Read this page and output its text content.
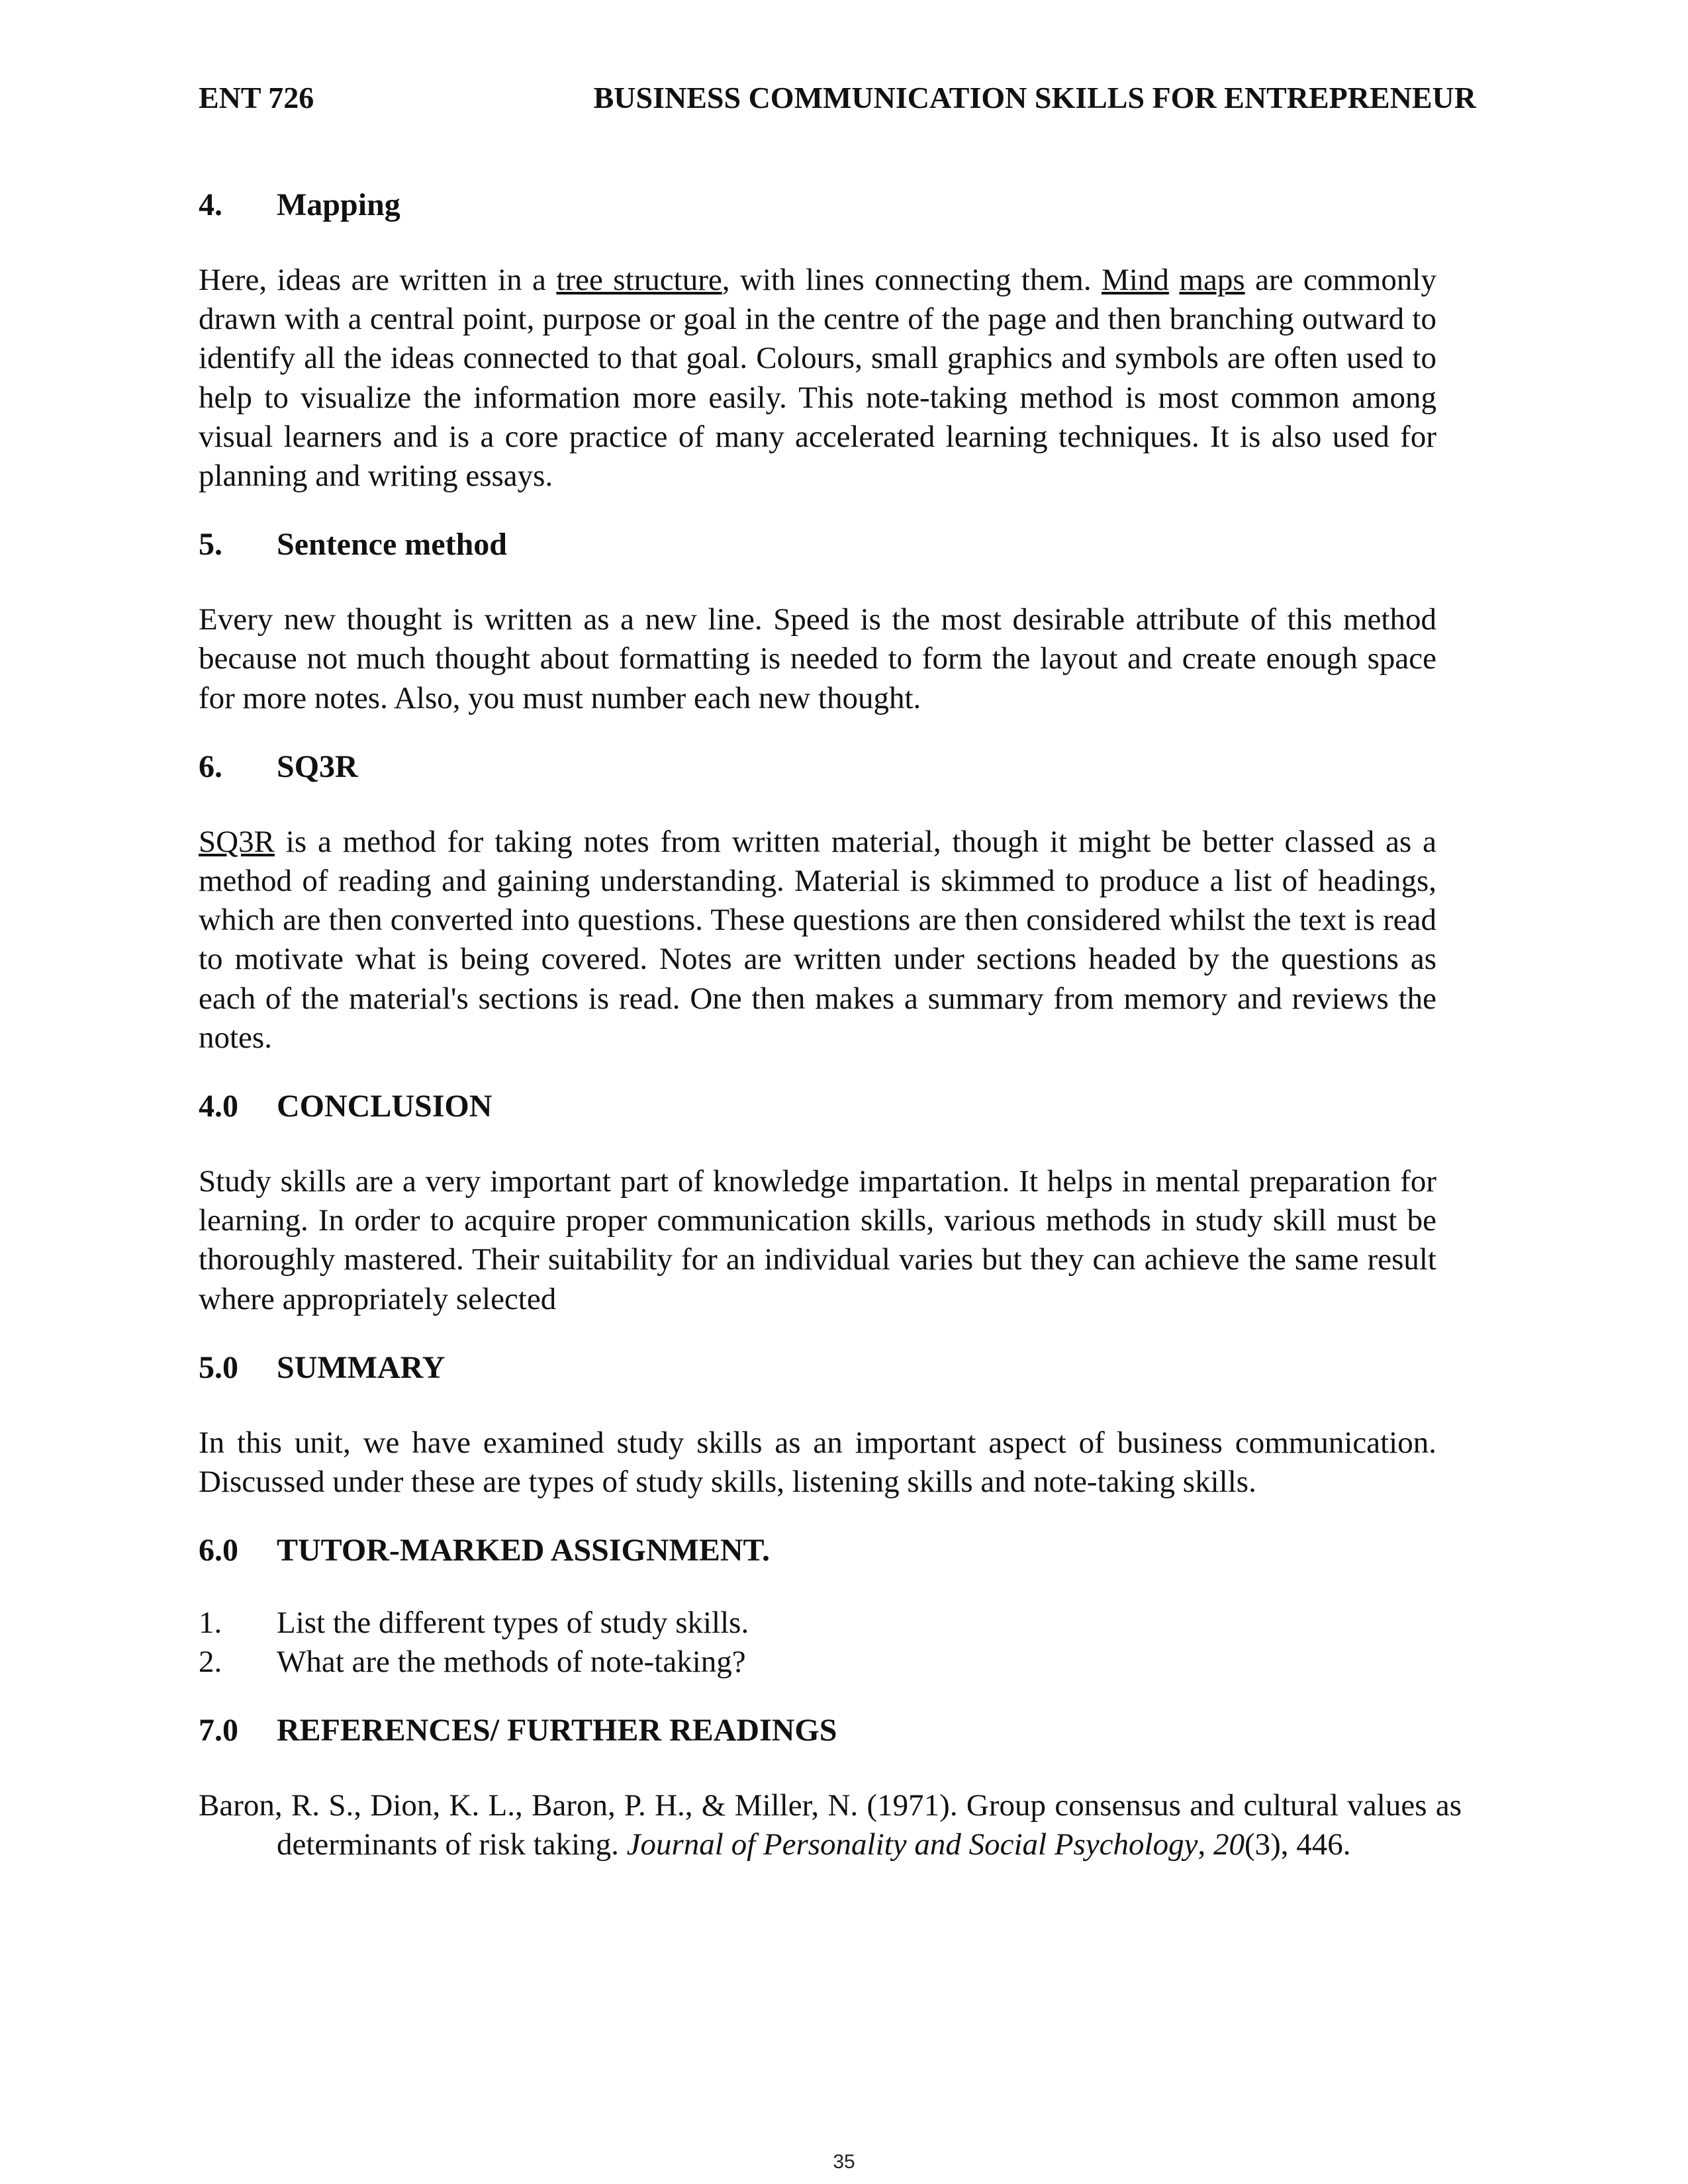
ENT 726	BUSINESS COMMUNICATION SKILLS FOR ENTREPRENEUR
4.	Mapping

Here, ideas are written in a tree structure, with lines connecting them. Mind maps are commonly drawn with a central point, purpose or goal in the centre of the page and then branching outward to identify all the ideas connected to that goal. Colours, small graphics and symbols are often used to help to visualize the information more easily. This note-taking method is most common among visual learners and is a core practice of many accelerated learning techniques. It is also used for planning and writing essays.

5.	Sentence method

Every new thought is written as a new line. Speed is the most desirable attribute of this method because not much thought about formatting is needed to form the layout and create enough space for more notes. Also, you must number each new thought.

6.	SQ3R

SQ3R is a method for taking notes from written material, though it might be better classed as a method of reading and gaining understanding. Material is skimmed to produce a list of headings, which are then converted into questions. These questions are then considered whilst the text is read to motivate what is being covered. Notes are written under sections headed by the questions as each of the material's sections is read. One then makes a summary from memory and reviews the notes.

4.0	CONCLUSION

Study skills are a very important part of knowledge impartation. It helps in mental preparation for learning. In order to acquire proper communication skills, various methods in study skill must be thoroughly mastered. Their suitability for an individual varies but they can achieve the same result where appropriately selected

5.0	SUMMARY

In this unit, we have examined study skills as an important aspect of business communication. Discussed under these are types of study skills, listening skills and note-taking skills.

6.0	TUTOR-MARKED ASSIGNMENT.
1.	List the different types of study skills.
2.	What are the methods of note-taking?
7.0	REFERENCES/ FURTHER READINGS

Baron, R. S., Dion, K. L., Baron, P. H., & Miller, N. (1971). Group consensus and cultural values as determinants of risk taking. Journal of Personality and Social Psychology, 20(3), 446.

35
